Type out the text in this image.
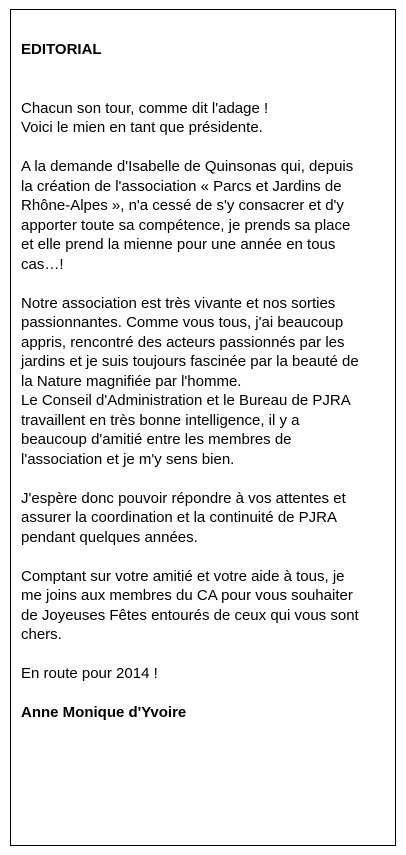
EDITORIAL

Chacun son tour, comme dit l'adage !
Voici le mien en tant que présidente.

A la demande d'Isabelle de Quinsonas qui, depuis
la création de l'association « Parcs et Jardins de
Rhône-Alpes », n'a cessé de s'y consacrer et d'y
apporter toute sa compétence, je prends sa place
et elle prend la mienne pour une année en tous
cas…!

Notre association est très vivante et nos sorties
passionnantes. Comme vous tous, j'ai beaucoup
appris, rencontré des acteurs passionnés par les
jardins et je suis toujours fascinée par la beauté de
la Nature magnifiée par l'homme.
Le Conseil d'Administration et le Bureau de PJRA
travaillent en très bonne intelligence, il y a
beaucoup d'amitié entre les membres de
l'association et je m'y sens bien.

J'espère donc pouvoir répondre à vos attentes et
assurer la coordination et la continuité de PJRA
pendant quelques années.

Comptant sur votre amitié et votre aide à tous, je
me joins aux membres du CA pour vous souhaiter
de Joyeuses Fêtes entourés de ceux qui vous sont
chers.

En route pour 2014 !

Anne Monique d'Yvoire
